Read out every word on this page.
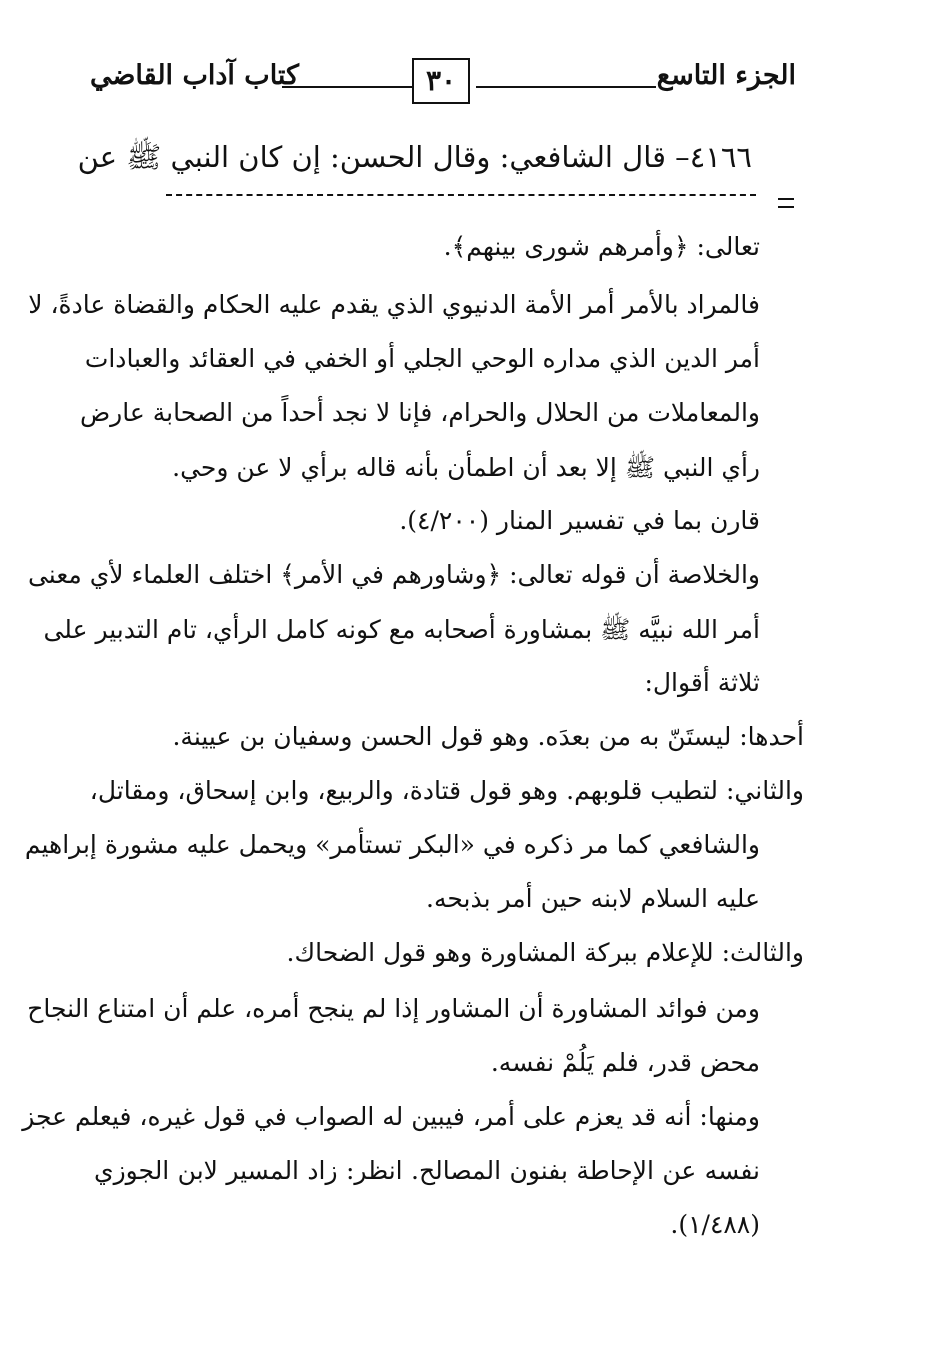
الجزء التاسع
٣٠
كتاب آداب القاضي
٤١٦٦– قال الشافعي: وقال الحسن: إن كان النبي ﷺ عن
تعالى: ﴿وأمرهم شورى بينهم﴾.
فالمراد بالأمر أمر الأمة الدنيوي الذي يقدم عليه الحكام والقضاة عادةً، لا
أمر الدين الذي مداره الوحي الجلي أو الخفي في العقائد والعبادات
والمعاملات من الحلال والحرام، فإنا لا نجد أحداً من الصحابة عارض
رأي النبي ﷺ إلا بعد أن اطمأن بأنه قاله برأي لا عن وحي.
قارن بما في تفسير المنار (٤/٢٠٠).
والخلاصة أن قوله تعالى: ﴿وشاورهم في الأمر﴾ اختلف العلماء لأي معنى
أمر الله نبيَّه ﷺ بمشاورة أصحابه مع كونه كامل الرأي، تام التدبير على
ثلاثة أقوال:
أحدها: ليستَنّ به من بعدَه. وهو قول الحسن وسفيان بن عيينة.
والثاني: لتطيب قلوبهم. وهو قول قتادة، والربيع، وابن إسحاق، ومقاتل،
والشافعي كما مر ذكره في «البكر تستأمر» ويحمل عليه مشورة إبراهيم
عليه السلام لابنه حين أمر بذبحه.
والثالث: للإعلام ببركة المشاورة وهو قول الضحاك.
ومن فوائد المشاورة أن المشاور إذا لم ينجح أمره، علم أن امتناع النجاح
محض قدر، فلم يَلُمْ نفسه.
ومنها: أنه قد يعزم على أمر، فيبين له الصواب في قول غيره، فيعلم عجز
نفسه عن الإحاطة بفنون المصالح. انظر: زاد المسير لابن الجوزي
(١/٤٨٨).
